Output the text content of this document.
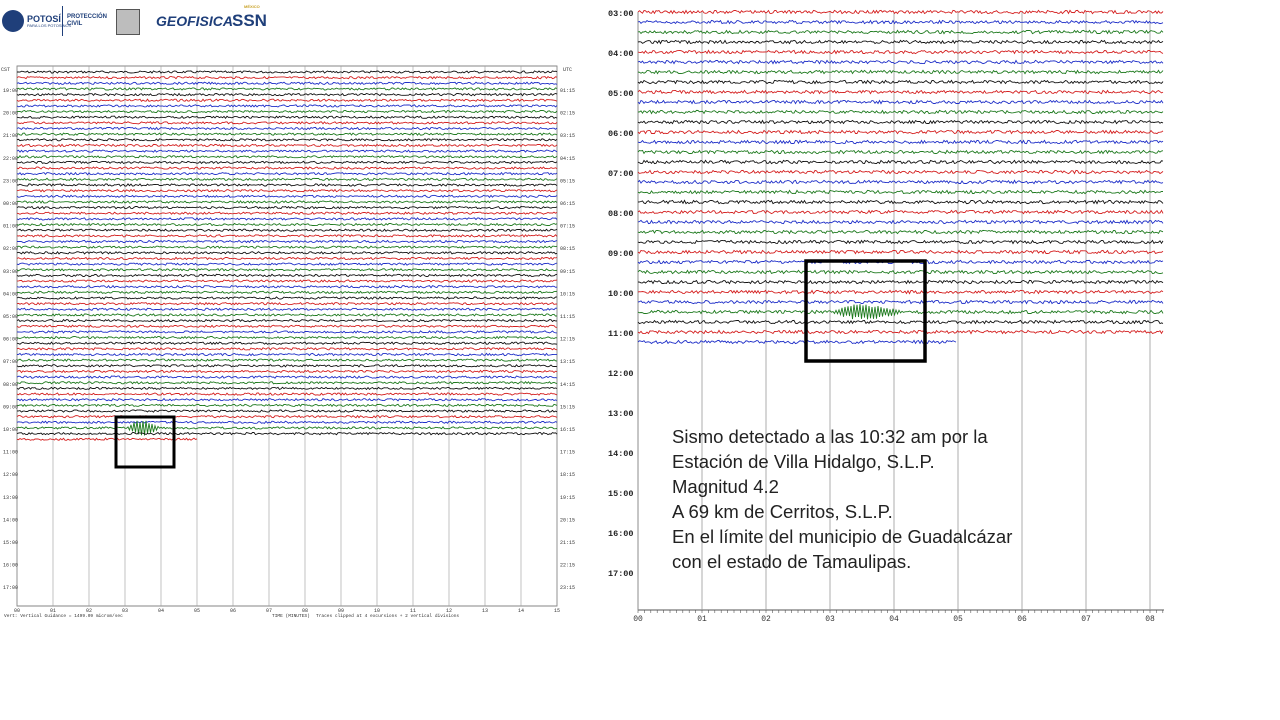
POTOSÍ
PARA LOS POTOSINOS
PROTECCIÓN
CIVIL	GEOFISICA
MÉXICO
SSN
00	01	02	03	04	05	06	07	08	09	10	11	12	13	14	15
CST	UTC
19:00
20:00
21:00
22:00
23:00
00:00
01:00
02:00
03:00
04:00
05:00
06:00
07:00
08:00
09:00
10:00
11:00
12:00
13:00
14:00
15:00
16:00
17:00
01:15
02:15
03:15
04:15
05:15
06:15
07:15
08:15
09:15
10:15
11:15
12:15
13:15
14:15
15:15
16:15
17:15
18:15
19:15
20:15
21:15
22:15
23:15
Vert: Vertical Guidance = 1499.09 microm/sec	TIME (MINUTES) Traces clipped at 4 excursions + 2 vertical divisions	00	01	02	03	04	05	06	07	08
03:00
04:00
05:00
06:00
07:00
08:00
09:00
10:00
11:00
12:00
13:00
14:00
15:00
16:00
17:00
Sismo detectado a las 10:32 am por la
Estación de Villa Hidalgo, S.L.P.
Magnitud 4.2
A 69 km de Cerritos, S.L.P.
En el límite del municipio de Guadalcázar
con el estado de Tamaulipas.
